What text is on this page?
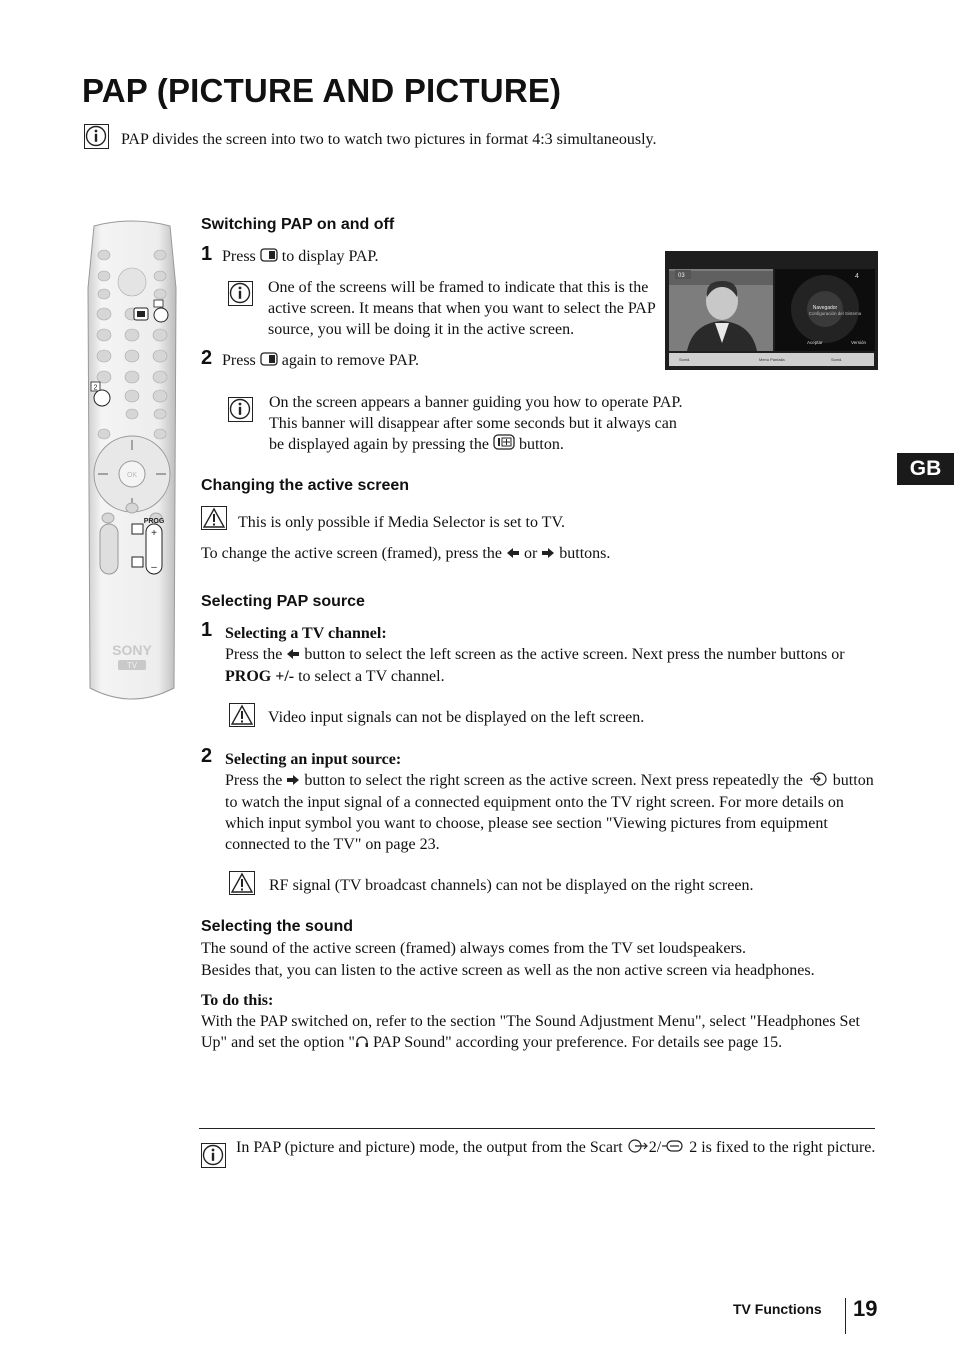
PAP (PICTURE AND PICTURE)
PAP divides the screen into two to watch two pictures in format 4:3 simultaneously.
+
–
SONY
TV
PROG
OK
2
Switching PAP on and off
1 Press to display PAP.
One of the screens will be framed to indicate that this is the active screen. It means that when you want to select the PAP source, you will be doing it in the active screen.
2 Press again to remove PAP.
03	4
Navegador
Configuración del Sistema
Aceptar	Versión
Sonid.	Menu Pantalla	Sonid.
On the screen appears a banner guiding you how to operate PAP. This banner will disappear after some seconds but it always can be displayed again by pressing the button.
GB
Changing the active screen
This is only possible if Media Selector is set to TV.
To change the active screen (framed), press the or buttons.
Selecting PAP source
1 Selecting a TV channel:
Press the button to select the left screen as the active screen. Next press the number buttons or PROG +/- to select a TV channel.
Video input signals can not be displayed on the left screen.
2 Selecting an input source:
Press the button to select the right screen as the active screen. Next press repeatedly the button to watch the input signal of a connected equipment onto the TV right screen. For more details on which input symbol you want to choose, please see section "Viewing pictures from equipment connected to the TV" on page 23.
RF signal (TV broadcast channels) can not be displayed on the right screen.
Selecting the sound
The sound of the active screen (framed) always comes from the TV set loudspeakers.
Besides that, you can listen to the active screen as well as the non active screen via headphones.
To do this:
With the PAP switched on, refer to the section "The Sound Adjustment Menu", select "Headphones Set Up" and set the option " PAP Sound" according your preference. For details see page 15.
In PAP (picture and picture) mode, the output from the Scart 2/ 2 is fixed to the right picture.
TV Functions 19
